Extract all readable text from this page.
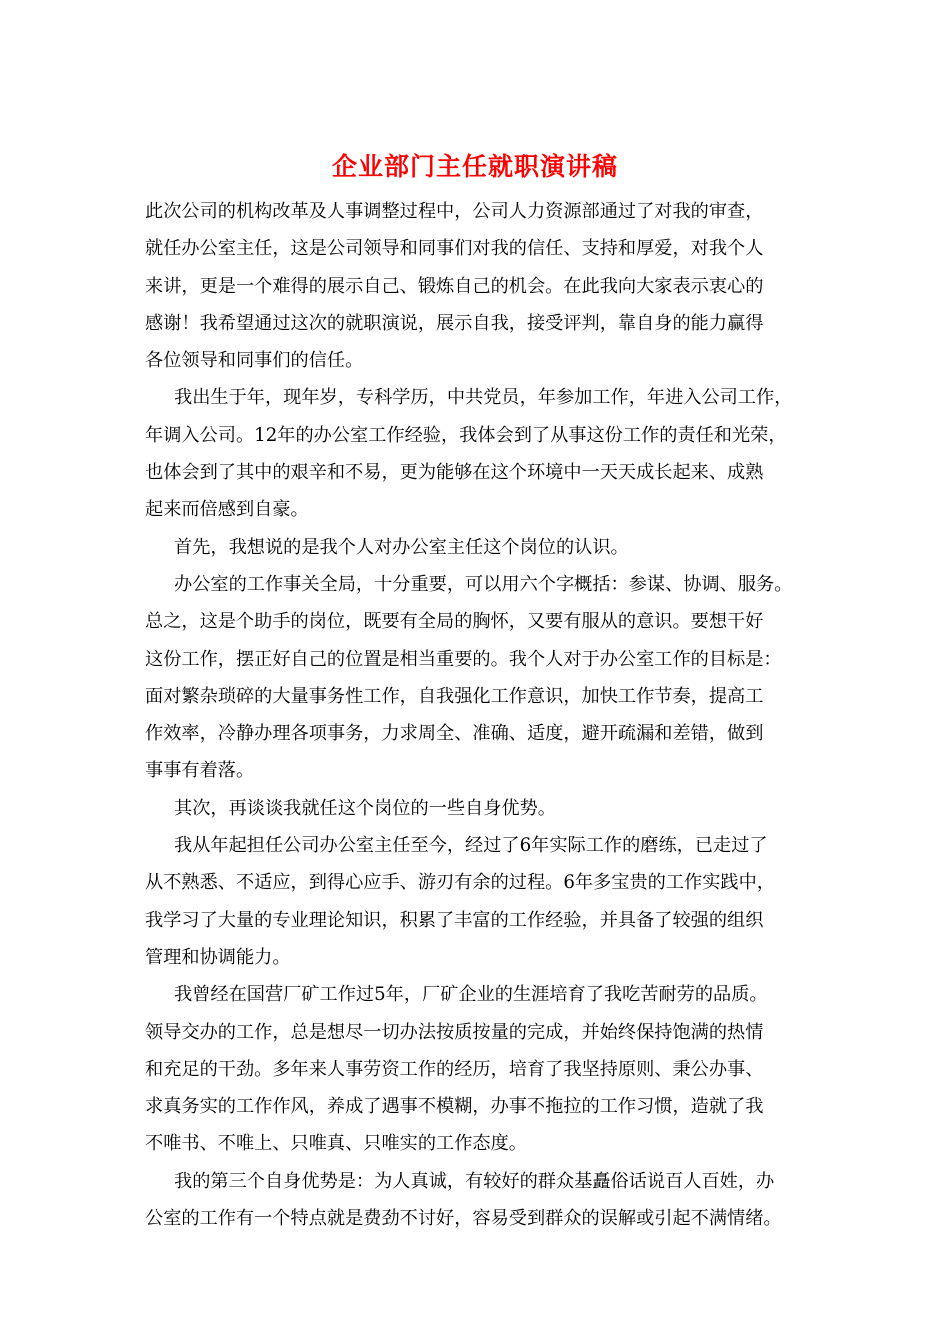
企业部门主任就职演讲稿
此次公司的机构改革及人事调整过程中，公司人力资源部通过了对我的审查，
就任办公室主任，这是公司领导和同事们对我的信任、支持和厚爱，对我个人
来讲，更是一个难得的展示自己、锻炼自己的机会。在此我向大家表示衷心的
感谢！我希望通过这次的就职演说，展示自我，接受评判，靠自身的能力赢得
各位领导和同事们的信任。
我出生于年，现年岁，专科学历，中共党员，年参加工作，年进入公司工作，
年调入公司。12年的办公室工作经验，我体会到了从事这份工作的责任和光荣，
也体会到了其中的艰辛和不易，更为能够在这个环境中一天天成长起来、成熟
起来而倍感到自豪。
首先，我想说的是我个人对办公室主任这个岗位的认识。
办公室的工作事关全局，十分重要，可以用六个字概括：参谋、协调、服务。
总之，这是个助手的岗位，既要有全局的胸怀，又要有服从的意识。要想干好
这份工作，摆正好自己的位置是相当重要的。我个人对于办公室工作的目标是：
面对繁杂琐碎的大量事务性工作，自我强化工作意识，加快工作节奏，提高工
作效率，冷静办理各项事务，力求周全、准确、适度，避开疏漏和差错，做到
事事有着落。
其次，再谈谈我就任这个岗位的一些自身优势。
我从年起担任公司办公室主任至今，经过了6年实际工作的磨练，已走过了
从不熟悉、不适应，到得心应手、游刃有余的过程。6年多宝贵的工作实践中，
我学习了大量的专业理论知识，积累了丰富的工作经验，并具备了较强的组织
管理和协调能力。
我曾经在国营厂矿工作过5年，厂矿企业的生涯培育了我吃苦耐劳的品质。
领导交办的工作，总是想尽一切办法按质按量的完成，并始终保持饱满的热情
和充足的干劲。多年来人事劳资工作的经历，培育了我坚持原则、秉公办事、
求真务实的工作作风，养成了遇事不模糊，办事不拖拉的工作习惯，造就了我
不唯书、不唯上、只唯真、只唯实的工作态度。
我的第三个自身优势是：为人真诚，有较好的群众基矗俗话说百人百姓，办
公室的工作有一个特点就是费劲不讨好，容易受到群众的误解或引起不满情绪。
